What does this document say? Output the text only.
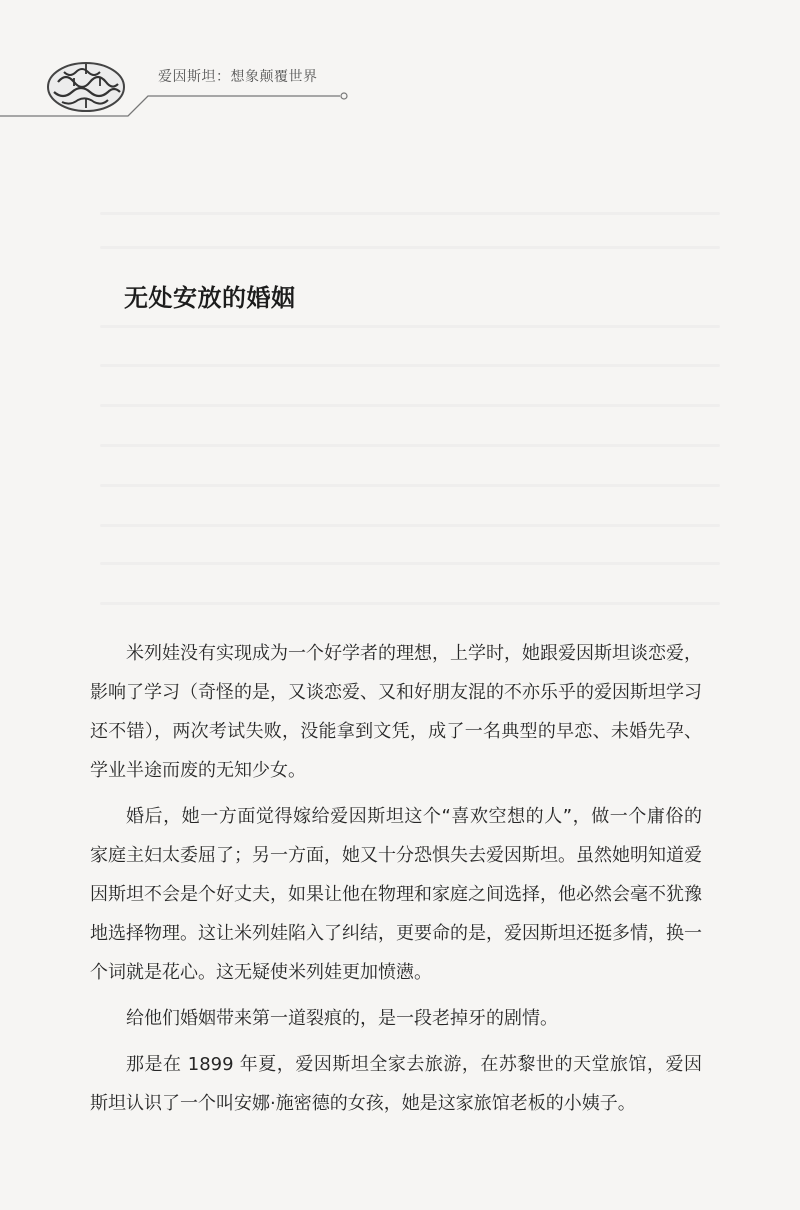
爱因斯坦：想象颠覆世界
无处安放的婚姻

米列娃没有实现成为一个好学者的理想，上学时，她跟爱因斯坦谈恋爱，影响了学习（奇怪的是，又谈恋爱、又和好朋友混的不亦乐乎的爱因斯坦学习还不错），两次考试失败，没能拿到文凭，成了一名典型的早恋、未婚先孕、学业半途而废的无知少女。

婚后，她一方面觉得嫁给爱因斯坦这个“喜欢空想的人”，做一个庸俗的家庭主妇太委屈了；另一方面，她又十分恐惧失去爱因斯坦。虽然她明知道爱因斯坦不会是个好丈夫，如果让他在物理和家庭之间选择，他必然会毫不犹豫地选择物理。这让米列娃陷入了纠结，更要命的是，爱因斯坦还挺多情，换一个词就是花心。这无疑使米列娃更加愤懑。

给他们婚姻带来第一道裂痕的，是一段老掉牙的剧情。

那是在 1899 年夏，爱因斯坦全家去旅游，在苏黎世的天堂旅馆，爱因斯坦认识了一个叫安娜·施密德的女孩，她是这家旅馆老板的小姨子。
